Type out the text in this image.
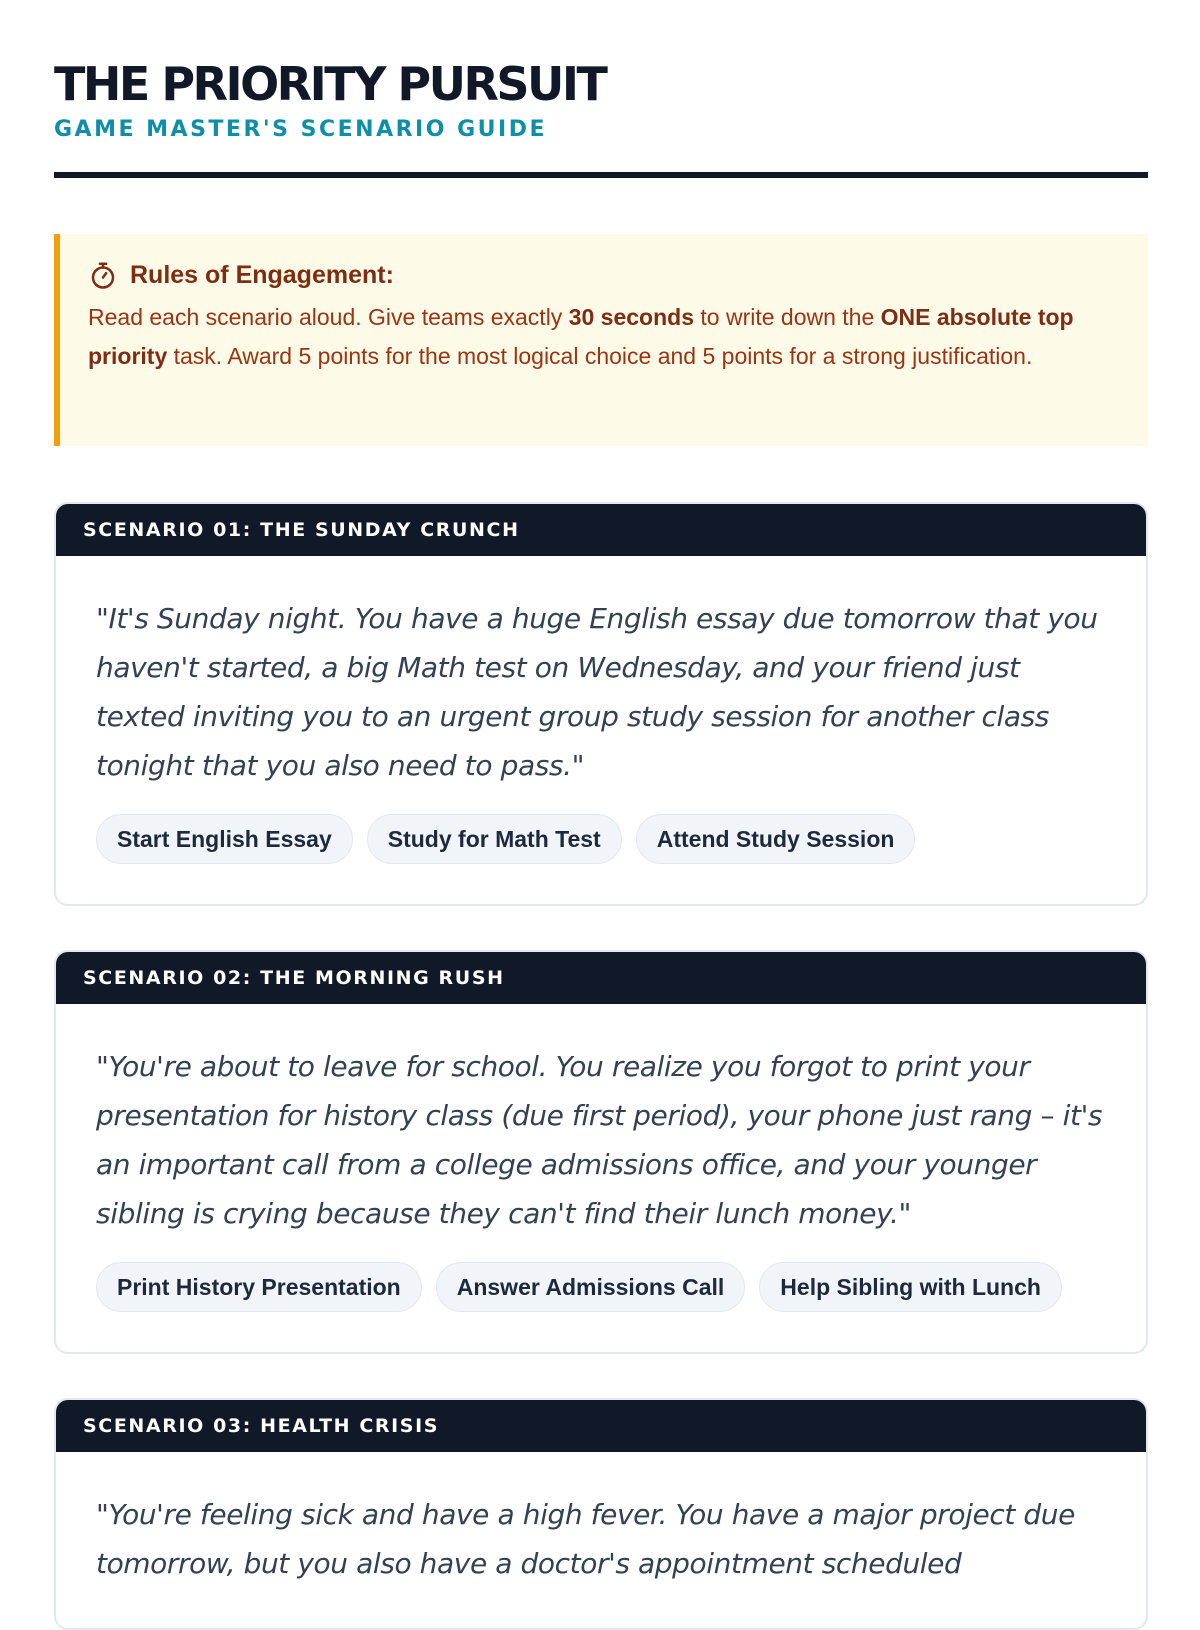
THE PRIORITY PURSUIT
GAME MASTER'S SCENARIO GUIDE
Rules of Engagement:
Read each scenario aloud. Give teams exactly 30 seconds to write down the ONE absolute top priority task. Award 5 points for the most logical choice and 5 points for a strong justification.
SCENARIO 01: THE SUNDAY CRUNCH

"It's Sunday night. You have a huge English essay due tomorrow that you haven't started, a big Math test on Wednesday, and your friend just texted inviting you to an urgent group study session for another class tonight that you also need to pass."

Start English Essay	Study for Math Test	Attend Study Session
SCENARIO 02: THE MORNING RUSH

"You're about to leave for school. You realize you forgot to print your presentation for history class (due first period), your phone just rang – it's an important call from a college admissions office, and your younger sibling is crying because they can't find their lunch money."

Print History Presentation	Answer Admissions Call	Help Sibling with Lunch
SCENARIO 03: HEALTH CRISIS

"You're feeling sick and have a high fever. You have a major project due tomorrow, but you also have a doctor's appointment scheduled
